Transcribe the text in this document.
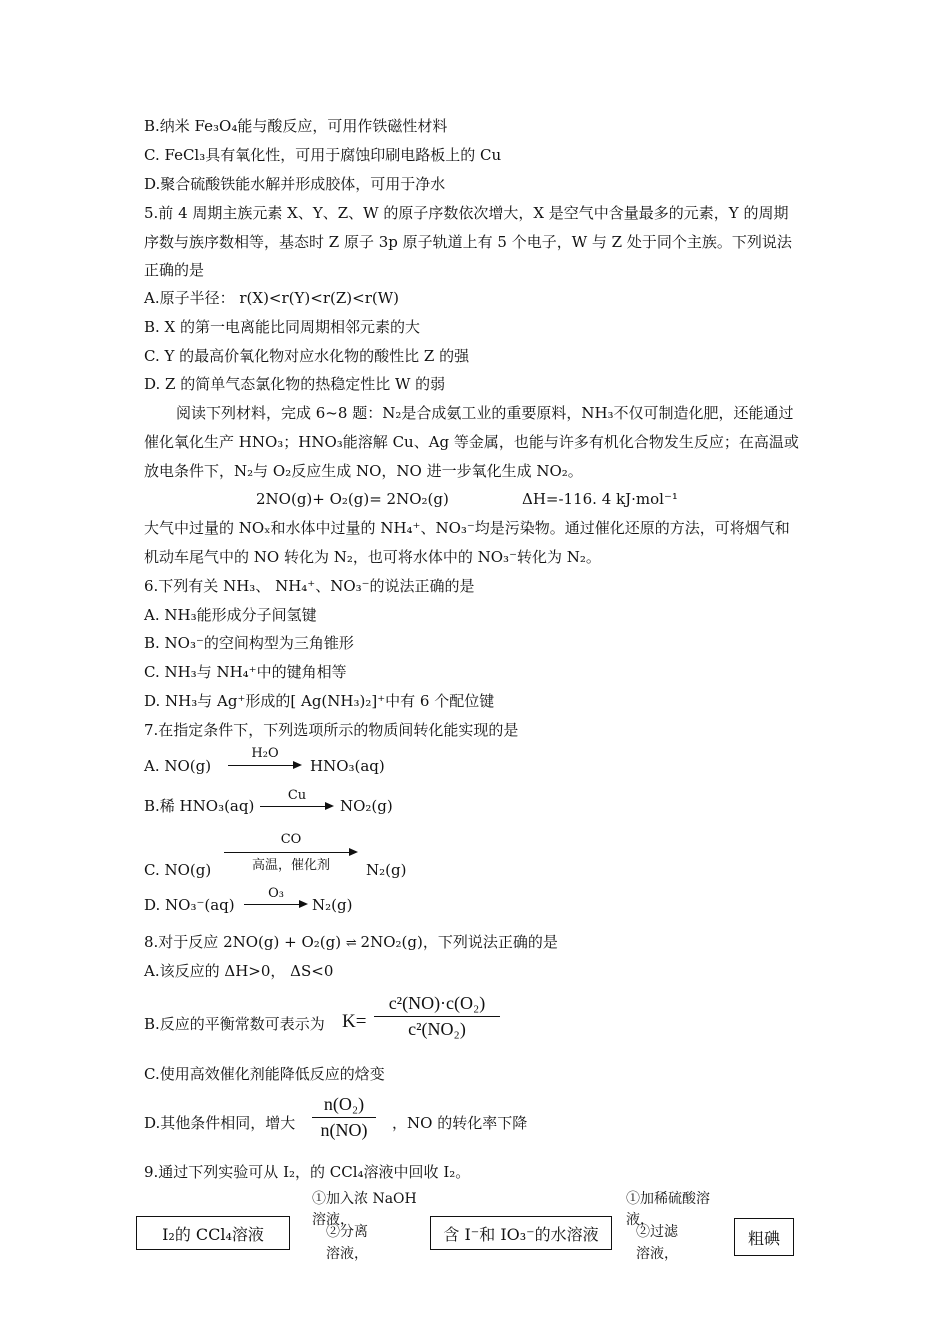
B.纳米 Fe₃O₄能与酸反应，可用作铁磁性材料
C. FeCl₃具有氧化性，可用于腐蚀印刷电路板上的 Cu
D.聚合硫酸铁能水解并形成胶体，可用于净水
5.前 4 周期主族元素 X、Y、Z、W 的原子序数依次增大，X 是空气中含量最多的元素，Y 的周期
序数与族序数相等，基态时 Z 原子 3p 原子轨道上有 5 个电子，W 与 Z 处于同个主族。下列说法
正确的是
A.原子半径： r(X)<r(Y)<r(Z)<r(W)
B. X 的第一电离能比同周期相邻元素的大
C. Y 的最高价氧化物对应水化物的酸性比 Z 的强
D. Z 的简单气态氯化物的热稳定性比 W 的弱
阅读下列材料，完成 6~8 题：N₂是合成氨工业的重要原料，NH₃不仅可制造化肥，还能通过
催化氧化生产 HNO₃；HNO₃能溶解 Cu、Ag 等金属，也能与许多有机化合物发生反应；在高温或
放电条件下，N₂与 O₂反应生成 NO，NO 进一步氧化生成 NO₂。
2NO(g)+ O₂(g)= 2NO₂(g)	ΔH=-116. 4 kJ·mol⁻¹
大气中过量的 NOₓ和水体中过量的 NH₄⁺、NO₃⁻均是污染物。通过催化还原的方法，可将烟气和
机动车尾气中的 NO 转化为 N₂，也可将水体中的 NO₃⁻转化为 N₂。
6.下列有关 NH₃、 NH₄⁺、NO₃⁻的说法正确的是
A. NH₃能形成分子间氢键
B. NO₃⁻的空间构型为三角锥形
C. NH₃与 NH₄⁺中的键角相等
D. NH₃与 Ag⁺形成的[ Ag(NH₃)₂]⁺中有 6 个配位键
7.在指定条件下，下列选项所示的物质间转化能实现的是
A. NO(g)
H₂O
HNO₃(aq)
B.稀 HNO₃(aq)
Cu
NO₂(g)
C. NO(g)
CO
高温，催化剂 N₂(g)
D. NO₃⁻(aq)
O₃
N₂(g)
8.对于反应 2NO(g) + O₂(g) ⇌ 2NO₂(g)，下列说法正确的是
A.该反应的 ΔH>0， ΔS<0
B.反应的平衡常数可表示为 K=
c²(NO)·c(O₂)
c²(NO₂)
C.使用高效催化剂能降低反应的焓变
D.其他条件相同，增大
n(O₂)
n(NO)	，NO 的转化率下降
9.通过下列实验可从 I₂，的 CCl₄溶液中回收 I₂。
I₂的 CCl₄溶液
①加入浓 NaOH
溶液，
②分离
溶液，
含 I⁻和 IO₃⁻的水溶液
①加稀硫酸溶
液，
②过滤
溶液，
粗碘
